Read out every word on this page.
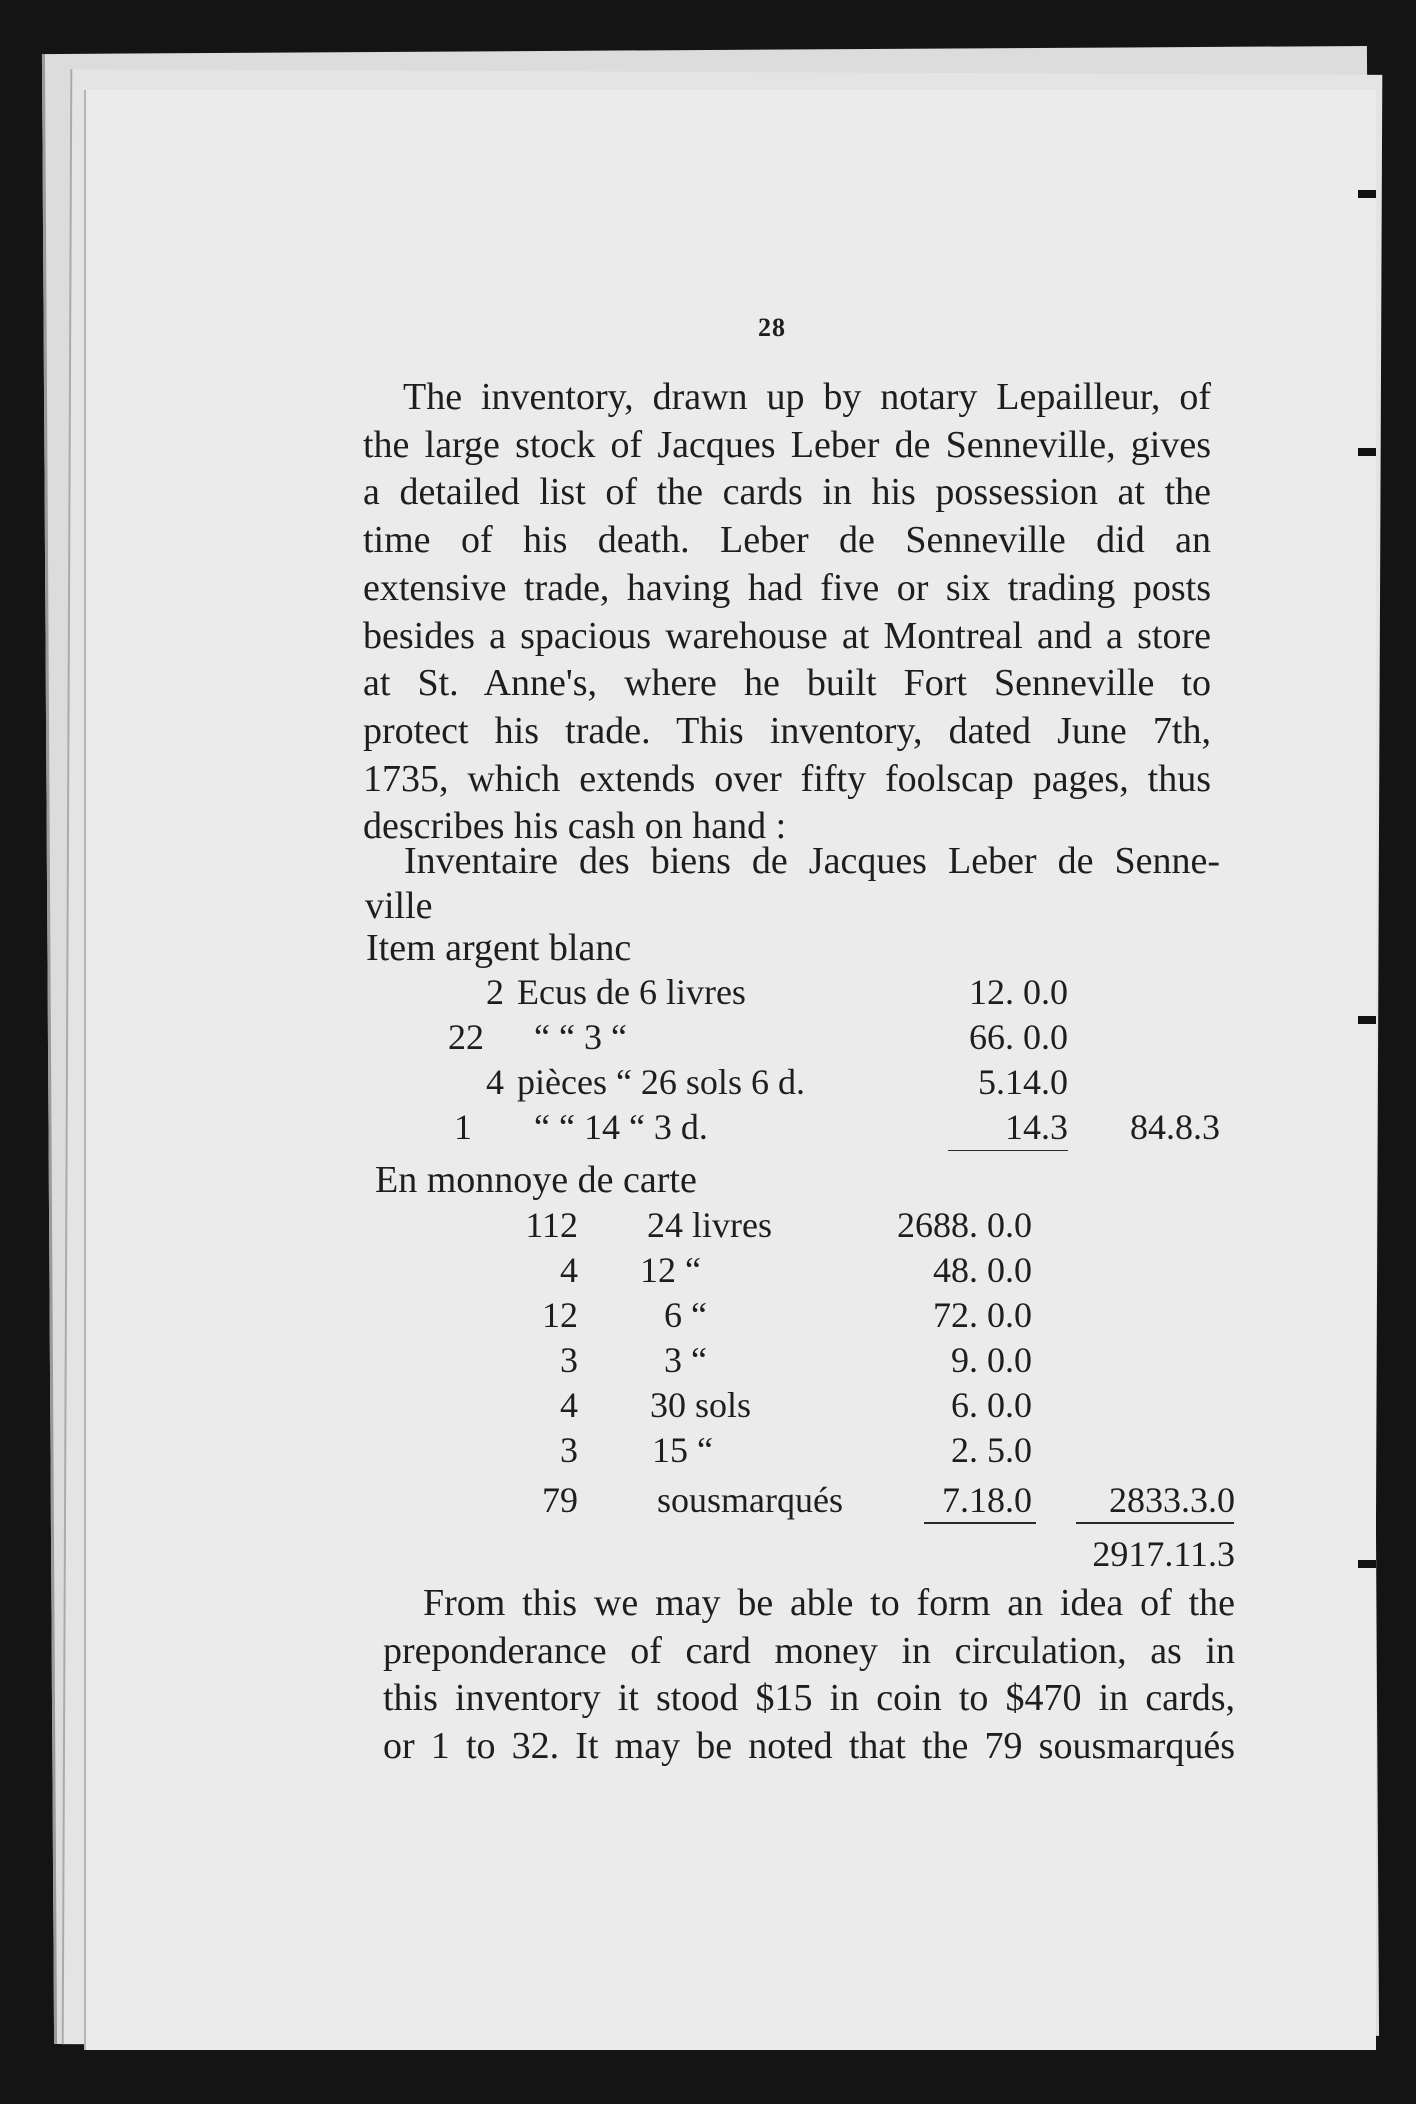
28
The inventory, drawn up by notary Lepailleur, of
the large stock of Jacques Leber de Senneville, gives
a detailed list of the cards in his possession at the
time of his death. Leber de Senneville did an
extensive trade, having had five or six trading posts
besides a spacious warehouse at Montreal and a store
at St. Anne's, where he built Fort Senneville to
protect his trade. This inventory, dated June 7th,
1735, which extends over fifty foolscap pages, thus
describes his cash on hand :
Inventaire des biens de Jacques Leber de Senne-
ville
Item argent blanc
2 Ecus de 6 livres	12. 0.0
22 “ “ 3 “	66. 0.0
4 pièces “ 26 sols 6 d.	5.14.0
1 “ “ 14 “ 3 d.	14.3	84.8.3
En monnoye de carte
112 24 livres	2688. 0.0
4 12 “	48. 0.0
12 6 “	72. 0.0
3 3 “	9. 0.0
4 30 sols	6. 0.0
3 15 “	2. 5.0
79 sousmarqués	7.18.0	2833.3.0
2917.11.3
From this we may be able to form an idea of the
preponderance of card money in circulation, as in
this inventory it stood $15 in coin to $470 in cards,
or 1 to 32. It may be noted that the 79 sousmarqués
